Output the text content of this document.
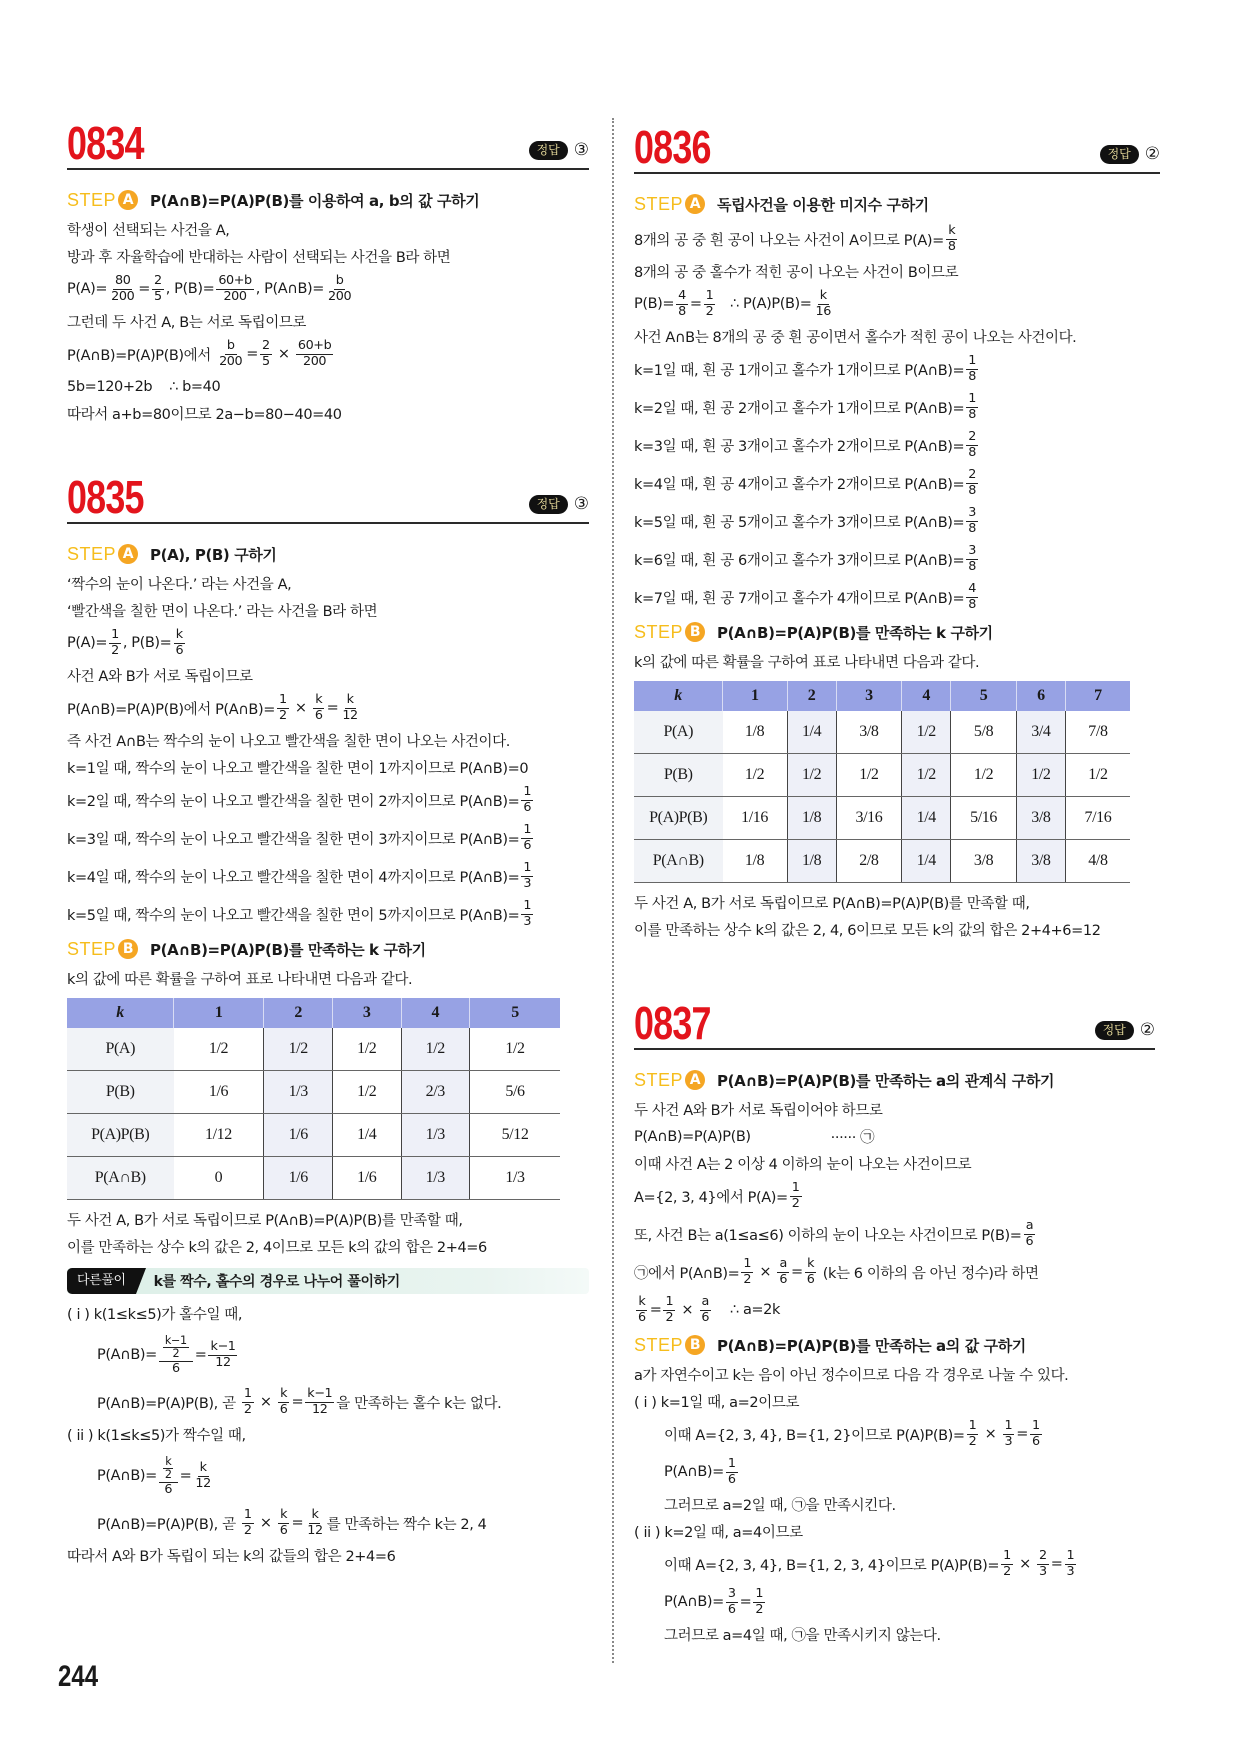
0834	정답 ③
STEP A	P(A∩B)=P(A)P(B)를 이용하여 a, b의 값 구하기
학생이 선택되는 사건을 A,
방과 후 자율학습에 반대하는 사람이 선택되는 사건을 B라 하면
$P(A)= \frac{80}{200} = \frac{2}{5}$ , $P(B)= \frac{60+b}{200}$ , P(A∩B)= $\frac{b}{200}$
그런데 두 사건 A, B는 서로 독립이므로
P(A∩B)=P(A)P(B)에서 $\frac{b}{200} = \frac{2}{5} \times \frac{60+b}{200}$
5b=120+2b    ∴ b=40
따라서 a+b=80이므로 2a−b=80−40=40
0835	정답 ③
STEP A	P(A), P(B) 구하기
‘짝수의 눈이 나온다.’ 라는 사건을 A,
‘빨간색을 칠한 면이 나온다.’ 라는 사건을 B라 하면
$P(A)= \frac{1}{2}$ , $P(B)= \frac{k}{6}$
사건 A와 B가 서로 독립이므로
P(A∩B)=P(A)P(B)에서 P(A∩B)= $\frac{1}{2} \times \frac{k}{6} = \frac{k}{12}$
즉 사건 A∩B는 짝수의 눈이 나오고 빨간색을 칠한 면이 나오는 사건이다.
k=1일 때, 짝수의 눈이 나오고 빨간색을 칠한 면이 1까지이므로 P(A∩B)=0
k=2일 때, 짝수의 눈이 나오고 빨간색을 칠한 면이 2까지이므로 P(A∩B)= $\frac{1}{6}$
k=3일 때, 짝수의 눈이 나오고 빨간색을 칠한 면이 3까지이므로 P(A∩B)= $\frac{1}{6}$
k=4일 때, 짝수의 눈이 나오고 빨간색을 칠한 면이 4까지이므로 P(A∩B)= $\frac{1}{3}$
k=5일 때, 짝수의 눈이 나오고 빨간색을 칠한 면이 5까지이므로 P(A∩B)= $\frac{1}{3}$
STEP B	P(A∩B)=P(A)P(B)를 만족하는 k 구하기
k의 값에 따른 확률을 구하여 표로 나타내면 다음과 같다.
k	1	2	3	4	5
P(A)	1/2	1/2	1/2	1/2	1/2
P(B)	1/6	1/3	1/2	2/3	5/6
P(A)P(B)	1/12	1/6	1/4	1/3	5/12
P(A∩B)	0	1/6	1/6	1/3	1/3
두 사건 A, B가 서로 독립이므로 P(A∩B)=P(A)P(B)를 만족할 때,
이를 만족하는 상수 k의 값은 2, 4이므로 모든 k의 값의 합은 2+4=6
다른풀이	k를 짝수, 홀수의 경우로 나누어 풀이하기
( i ) k(1≤k≤5)가 홀수일 때,
P(A∩B)= $\frac{\frac{k-1}{2}}{6} = \frac{k-1}{12}$
P(A∩B)=P(A)P(B), 곧 $\frac{1}{2} \times \frac{k}{6} = \frac{k-1}{12}$ 을 만족하는 홀수 k는 없다.
( ii ) k(1≤k≤5)가 짝수일 때,
P(A∩B)= $\frac{\frac{k}{2}}{6} = \frac{k}{12}$
P(A∩B)=P(A)P(B), 곧 $\frac{1}{2} \times \frac{k}{6} = \frac{k}{12}$ 를 만족하는 짝수 k는 2, 4
따라서 A와 B가 독립이 되는 k의 값들의 합은 2+4=6
0836	정답 ②
STEP A	독립사건을 이용한 미지수 구하기
8개의 공 중 흰 공이 나오는 사건이 A이므로 $P(A)= \frac{k}{8}$
8개의 공 중 홀수가 적힌 공이 나오는 사건이 B이므로
$P(B)= \frac{4}{8} = \frac{1}{2}$ ∴ $P(A)P(B)= \frac{k}{16}$
사건 A∩B는 8개의 공 중 흰 공이면서 홀수가 적힌 공이 나오는 사건이다.
k=1일 때, 흰 공 1개이고 홀수가 1개이므로 P(A∩B)= $\frac{1}{8}$
k=2일 때, 흰 공 2개이고 홀수가 1개이므로 P(A∩B)= $\frac{1}{8}$
k=3일 때, 흰 공 3개이고 홀수가 2개이므로 P(A∩B)= $\frac{2}{8}$
k=4일 때, 흰 공 4개이고 홀수가 2개이므로 P(A∩B)= $\frac{2}{8}$
k=5일 때, 흰 공 5개이고 홀수가 3개이므로 P(A∩B)= $\frac{3}{8}$
k=6일 때, 흰 공 6개이고 홀수가 3개이므로 P(A∩B)= $\frac{3}{8}$
k=7일 때, 흰 공 7개이고 홀수가 4개이므로 P(A∩B)= $\frac{4}{8}$
STEP B	P(A∩B)=P(A)P(B)를 만족하는 k 구하기
k의 값에 따른 확률을 구하여 표로 나타내면 다음과 같다.
k	1	2	3	4	5	6	7
P(A)	1/8	1/4	3/8	1/2	5/8	3/4	7/8
P(B)	1/2	1/2	1/2	1/2	1/2	1/2	1/2
P(A)P(B)	1/16	1/8	3/16	1/4	5/16	3/8	7/16
P(A∩B)	1/8	1/8	2/8	1/4	3/8	3/8	4/8
두 사건 A, B가 서로 독립이므로 P(A∩B)=P(A)P(B)를 만족할 때,
이를 만족하는 상수 k의 값은 2, 4, 6이므로 모든 k의 값의 합은 2+4+6=12
0837	정답 ②
STEP A	P(A∩B)=P(A)P(B)를 만족하는 a의 관계식 구하기
두 사건 A와 B가 서로 독립이어야 하므로
P(A∩B)=P(A)P(B)	······ ㉠
이때 사건 A는 2 이상 4 이하의 눈이 나오는 사건이므로
A={2, 3, 4}에서 $P(A)= \frac{1}{2}$
또, 사건 B는 a(1≤a≤6) 이하의 눈이 나오는 사건이므로 $P(B)= \frac{a}{6}$
㉠에서 P(A∩B)= $\frac{1}{2} \times \frac{a}{6} = \frac{k}{6} (k$는 6 이하의 음 아닌 정수)라 하면
$\frac{k}{6} = \frac{1}{2} \times \frac{a}{6}$ ∴ a=2k
STEP B	P(A∩B)=P(A)P(B)를 만족하는 a의 값 구하기
a가 자연수이고 k는 음이 아닌 정수이므로 다음 각 경우로 나눌 수 있다.
( i ) k=1일 때, a=2이므로
이때 A={2, 3, 4}, B={1, 2}이므로 $P(A)P(B)= \frac{1}{2} \times \frac{1}{3} = \frac{1}{6}$
P(A∩B)= $\frac{1}{6}$
그러므로 a=2일 때, ㉠을 만족시킨다.
( ii ) k=2일 때, a=4이므로
이때 A={2, 3, 4}, B={1, 2, 3, 4}이므로 $P(A)P(B)= \frac{1}{2} \times \frac{2}{3} = \frac{1}{3}$
P(A∩B)= $\frac{3}{6} = \frac{1}{2}$
그러므로 a=4일 때, ㉠을 만족시키지 않는다.
244
